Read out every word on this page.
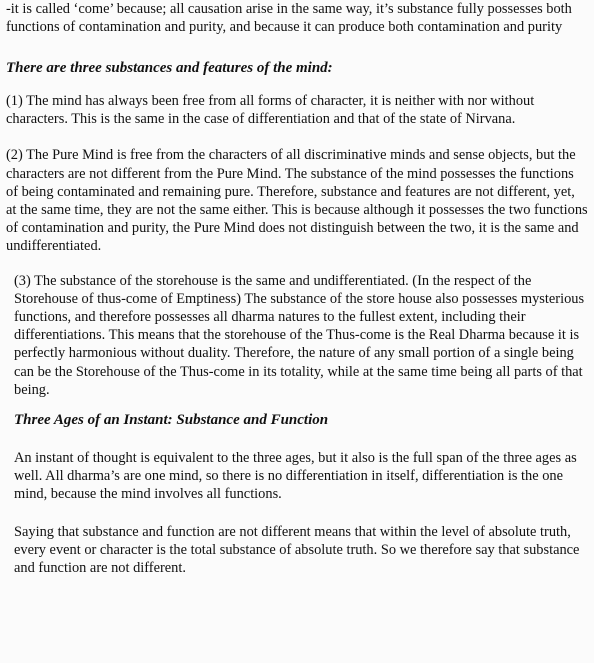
-it is called ‘come’ because; all causation arise in the same way, it’s substance fully possesses both functions of contamination and purity, and because it can produce both contamination and purity

There are three substances and features of the mind:

(1) The mind has always been free from all forms of character, it is neither with nor without characters. This is the same in the case of differentiation and that of the state of Nirvana.

(2) The Pure Mind is free from the characters of all discriminative minds and sense objects, but the characters are not different from the Pure Mind. The substance of the mind possesses the functions of being contaminated and remaining pure. Therefore, substance and features are not different, yet, at the same time, they are not the same either. This is because although it possesses the two functions of contamination and purity, the Pure Mind does not distinguish between the two, it is the same and undifferentiated.

(3) The substance of the storehouse is the same and undifferentiated. (In the respect of the Storehouse of thus-come of Emptiness) The substance of the store house also possesses mysterious functions, and therefore possesses all dharma natures to the fullest extent, including their differentiations. This means that the storehouse of the Thus-come is the Real Dharma because it is perfectly harmonious without duality. Therefore, the nature of any small portion of a single being can be the Storehouse of the Thus-come in its totality, while at the same time being all parts of that being.

Three Ages of an Instant: Substance and Function

An instant of thought is equivalent to the three ages, but it also is the full span of the three ages as well. All dharma’s are one mind, so there is no differentiation in itself, differentiation is the one mind, because the mind involves all functions.

Saying that substance and function are not different means that within the level of absolute truth, every event or character is the total substance of absolute truth. So we therefore say that substance and function are not different.
